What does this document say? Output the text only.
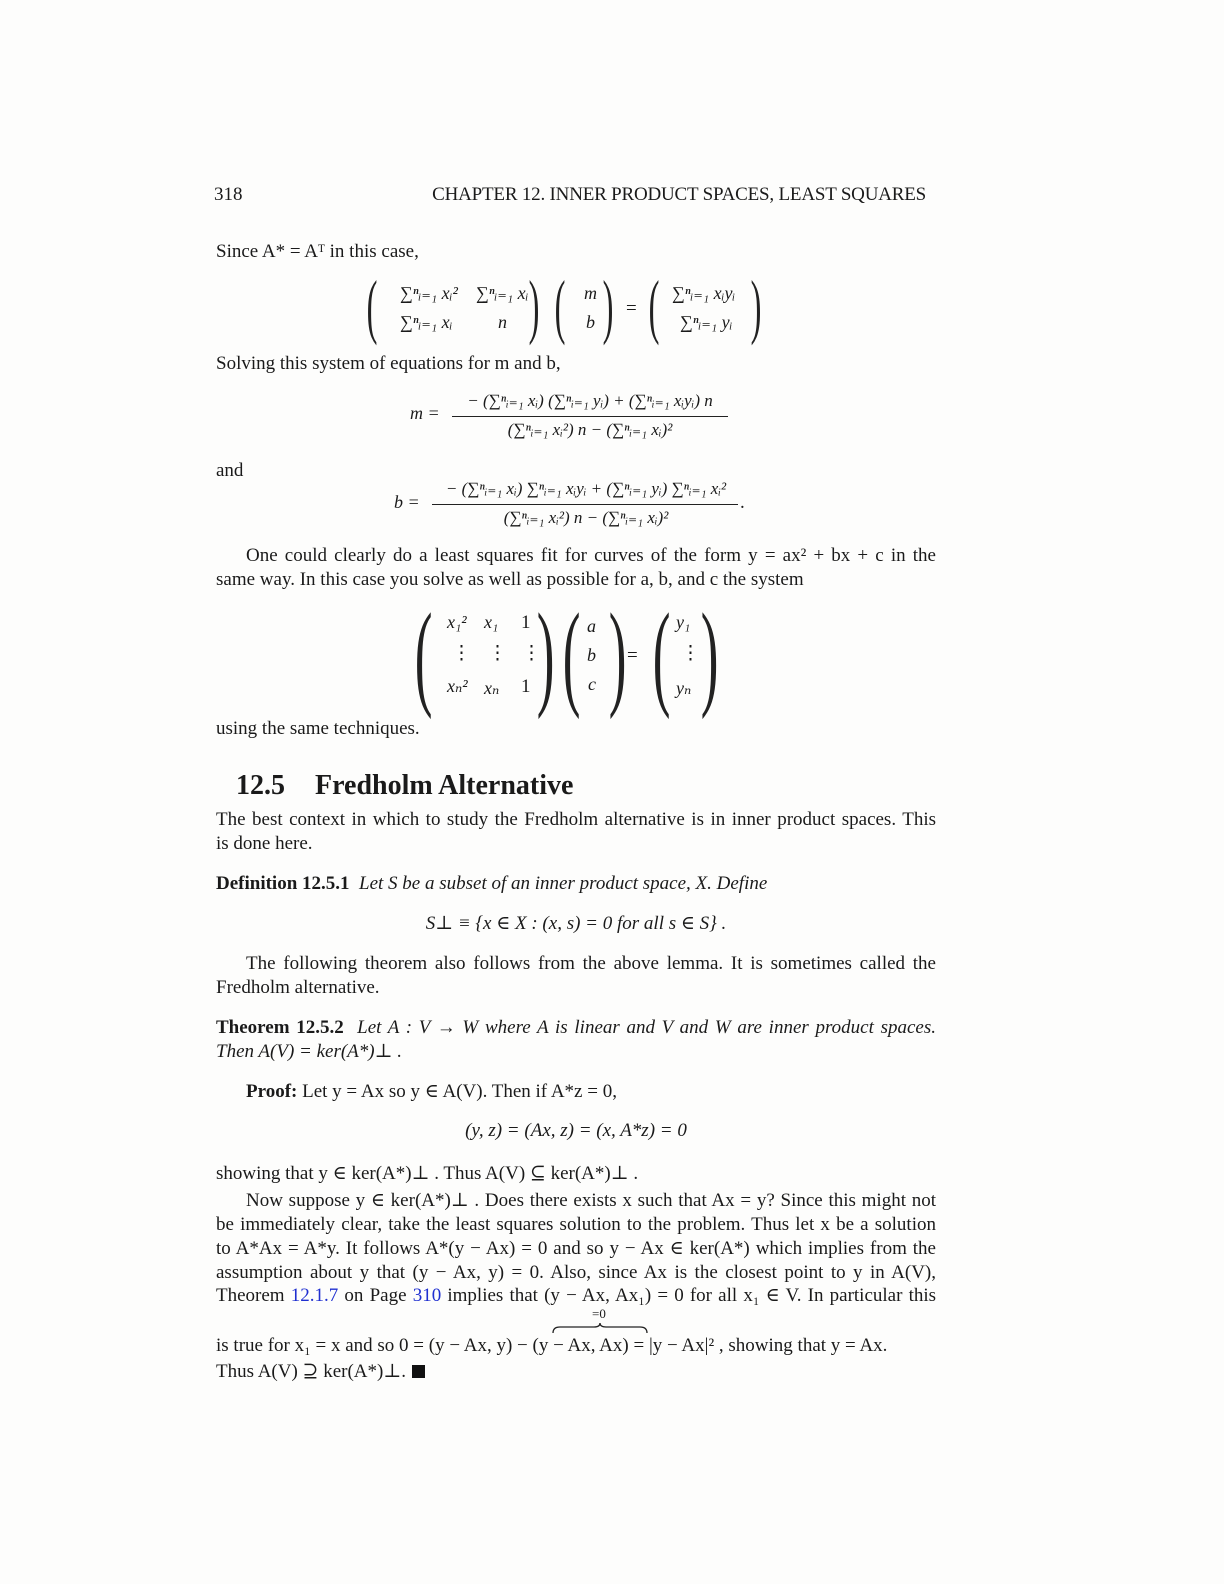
318	CHAPTER 12. INNER PRODUCT SPACES, LEAST SQUARES
Since A* = Aᵀ in this case,
( ∑ⁿᵢ₌₁ xᵢ² ∑ⁿᵢ₌₁ xᵢ
∑ⁿᵢ₌₁ xᵢ	n ) ( m
b ) = ( ∑ⁿᵢ₌₁ xᵢyᵢ
∑ⁿᵢ₌₁ yᵢ )
Solving this system of equations for m and b,
m =
− (∑ⁿᵢ₌₁ xᵢ) (∑ⁿᵢ₌₁ yᵢ) + (∑ⁿᵢ₌₁ xᵢyᵢ) n
(∑ⁿᵢ₌₁ xᵢ²) n − (∑ⁿᵢ₌₁ xᵢ)²
and
b =
− (∑ⁿᵢ₌₁ xᵢ) ∑ⁿᵢ₌₁ xᵢyᵢ + (∑ⁿᵢ₌₁ yᵢ) ∑ⁿᵢ₌₁ xᵢ²
(∑ⁿᵢ₌₁ xᵢ²) n − (∑ⁿᵢ₌₁ xᵢ)²
.
One could clearly do a least squares fit for curves of the form y = ax² + bx + c in the
same way. In this case you solve as well as possible for a, b, and c the system
( x₁² x₁ 1
⋮ ⋮ ⋮
xₙ² xₙ 1 ) ( a
b
c ) = ( y₁
⋮
yₙ )
using the same techniques.
12.5 Fredholm Alternative
The best context in which to study the Fredholm alternative is in inner product spaces. This
is done here.
Definition 12.5.1 Let S be a subset of an inner product space, X. Define
S⊥ ≡ {x ∈ X : (x, s) = 0 for all s ∈ S} .
The following theorem also follows from the above lemma. It is sometimes called the
Fredholm alternative.
Theorem 12.5.2 Let A : V → W where A is linear and V and W are inner product spaces.
Then A(V) = ker(A*)⊥ .
Proof: Let y = Ax so y ∈ A(V). Then if A*z = 0,
(y, z) = (Ax, z) = (x, A*z) = 0
showing that y ∈ ker(A*)⊥ . Thus A(V) ⊆ ker(A*)⊥ .
Now suppose y ∈ ker(A*)⊥ . Does there exists x such that Ax = y? Since this might not
be immediately clear, take the least squares solution to the problem. Thus let x be a solution
to A*Ax = A*y. It follows A*(y − Ax) = 0 and so y − Ax ∈ ker(A*) which implies from the
assumption about y that (y − Ax, y) = 0. Also, since Ax is the closest point to y in A(V),
Theorem 12.1.7 on Page 310 implies that (y − Ax, Ax₁) = 0 for all x₁ ∈ V. In particular this
=0
is true for x₁ = x and so 0 = (y − Ax, y) − (y − Ax, Ax) = |y − Ax|² , showing that y = Ax.
Thus A(V) ⊇ ker(A*)⊥.
